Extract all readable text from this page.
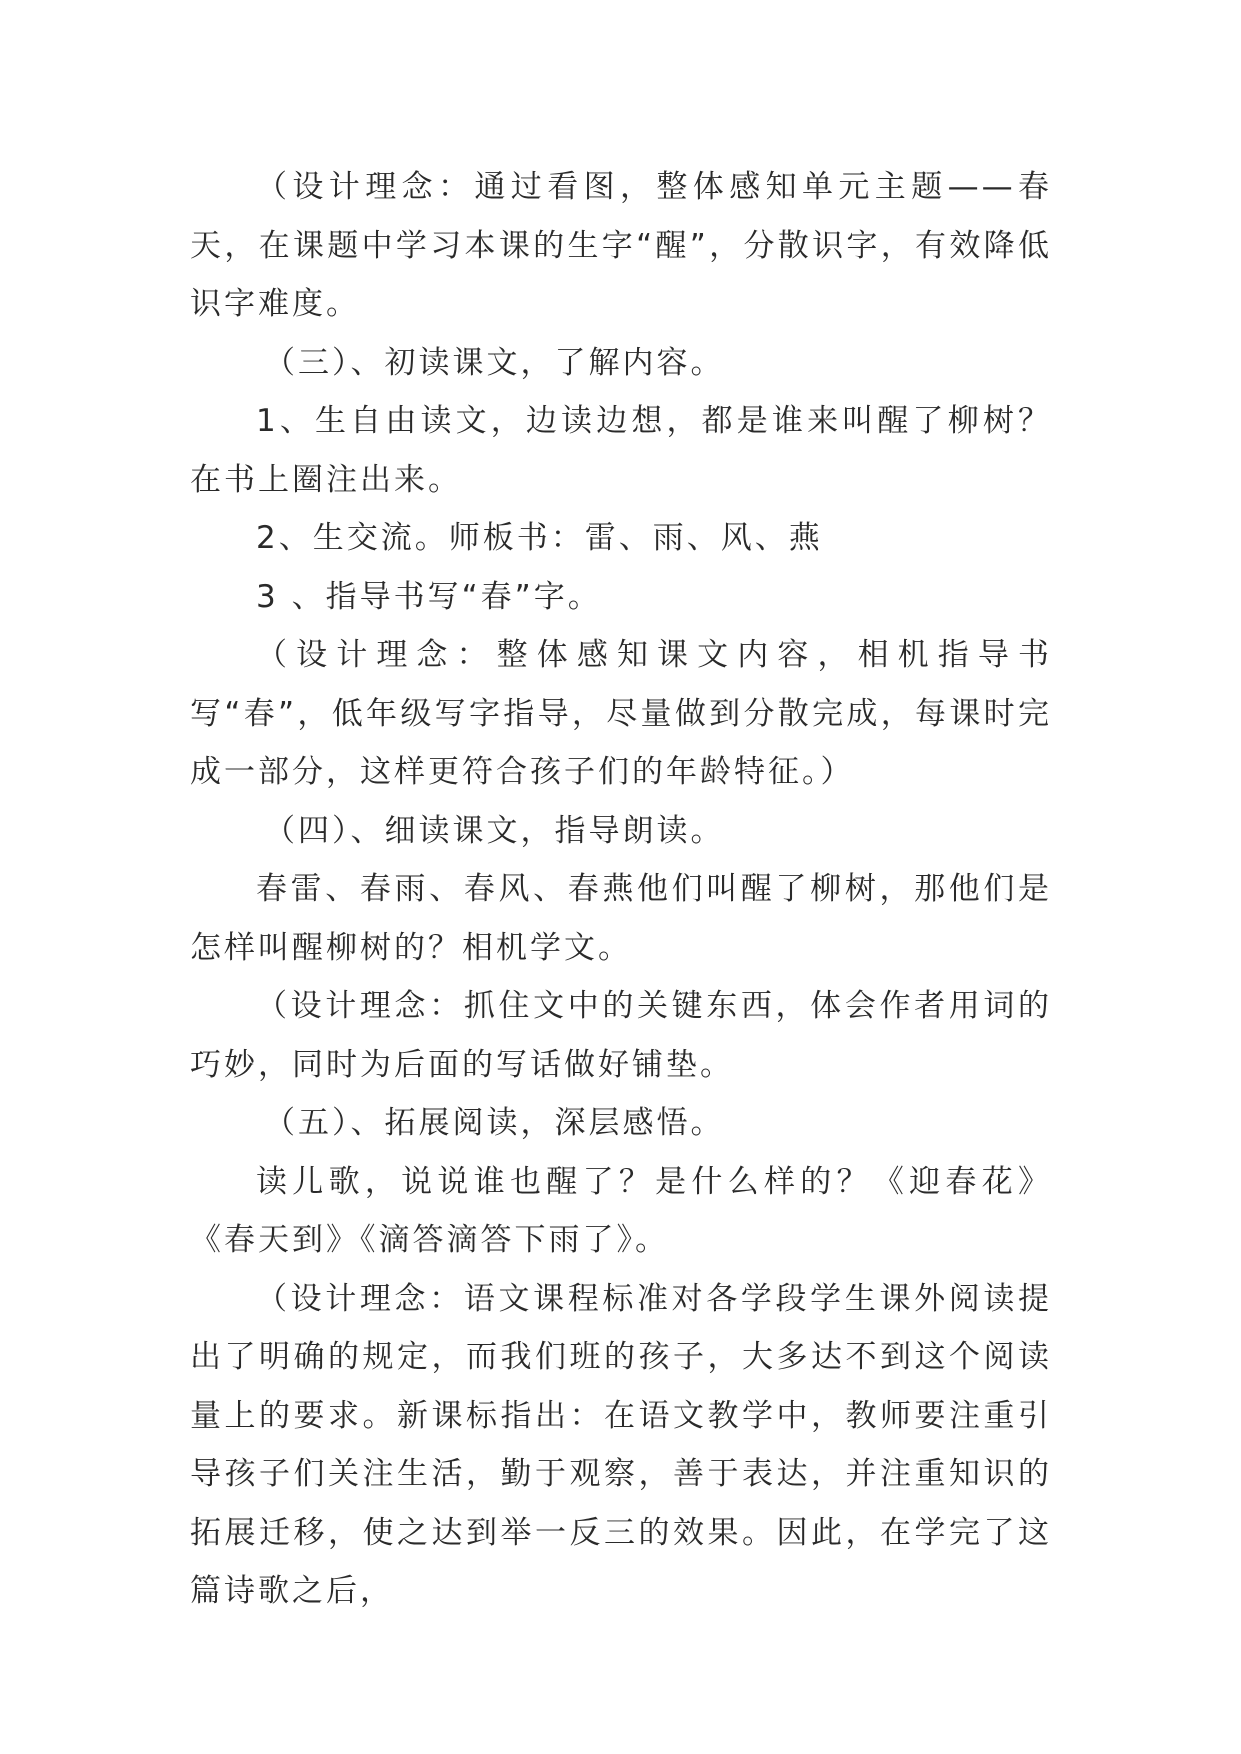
（设计理念：通过看图，整体感知单元主题——春天，在课题中学习本课的生字“醒”，分散识字，有效降低识字难度。

（三）、初读课文，了解内容。

1、生自由读文，边读边想，都是谁来叫醒了柳树？在书上圈注出来。

2、生交流。师板书：雷、雨、风、燕

3 、指导书写“春”字。

（设计理念：整体感知课文内容，相机指导书写“春”，低年级写字指导，尽量做到分散完成，每课时完成一部分，这样更符合孩子们的年龄特征。）

（四）、细读课文，指导朗读。

春雷、春雨、春风、春燕他们叫醒了柳树，那他们是怎样叫醒柳树的？相机学文。

（设计理念：抓住文中的关键东西，体会作者用词的巧妙，同时为后面的写话做好铺垫。

（五）、拓展阅读，深层感悟。

读儿歌，说说谁也醒了？是什么样的？《迎春花》《春天到》《滴答滴答下雨了》。

（设计理念：语文课程标准对各学段学生课外阅读提出了明确的规定，而我们班的孩子，大多达不到这个阅读量上的要求。新课标指出：在语文教学中，教师要注重引导孩子们关注生活，勤于观察，善于表达，并注重知识的拓展迁移，使之达到举一反三的效果。因此，在学完了这篇诗歌之后，
